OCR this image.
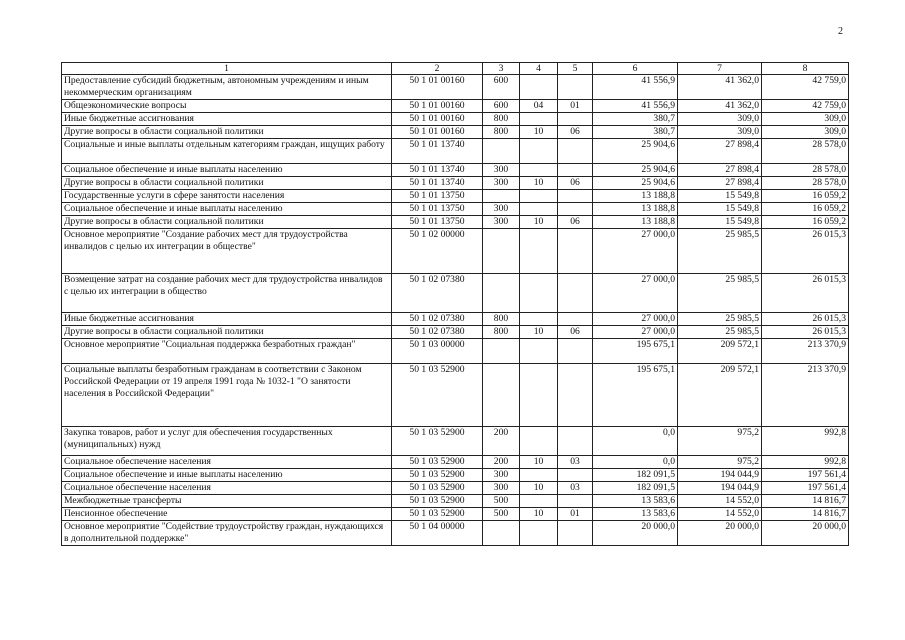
2
1	2	3	4	5	6	7	8
Предоставление субсидий бюджетным, автономным учреждениям и иным некоммерческим организациям	50 1 01 00160	600			41 556,9	41 362,0	42 759,0
Общеэкономические вопросы	50 1 01 00160	600	04	01	41 556,9	41 362,0	42 759,0
Иные бюджетные ассигнования	50 1 01 00160	800			380,7	309,0	309,0
Другие вопросы в области социальной политики	50 1 01 00160	800	10	06	380,7	309,0	309,0
Социальные и иные выплаты отдельным категориям граждан, ищущих работу	50 1 01 13740				25 904,6	27 898,4	28 578,0
Социальное обеспечение и иные выплаты населению	50 1 01 13740	300			25 904,6	27 898,4	28 578,0
Другие вопросы в области социальной политики	50 1 01 13740	300	10	06	25 904,6	27 898,4	28 578,0
Государственные услуги в сфере занятости населения	50 1 01 13750				13 188,8	15 549,8	16 059,2
Социальное обеспечение и иные выплаты населению	50 1 01 13750	300			13 188,8	15 549,8	16 059,2
Другие вопросы в области социальной политики	50 1 01 13750	300	10	06	13 188,8	15 549,8	16 059,2
Основное мероприятие "Создание рабочих мест для трудоустройства инвалидов с целью их интеграции в обществе"	50 1 02 00000				27 000,0	25 985,5	26 015,3
Возмещение затрат на создание рабочих мест для трудоустройства инвалидов с целью их интеграции в общество	50 1 02 07380				27 000,0	25 985,5	26 015,3
Иные бюджетные ассигнования	50 1 02 07380	800			27 000,0	25 985,5	26 015,3
Другие вопросы в области социальной политики	50 1 02 07380	800	10	06	27 000,0	25 985,5	26 015,3
Основное мероприятие "Социальная поддержка безработных граждан"	50 1 03 00000				195 675,1	209 572,1	213 370,9
Социальные выплаты безработным гражданам в соответствии с Законом Российской Федерации от 19 апреля 1991 года № 1032-1 "О занятости населения в Российской Федерации"	50 1 03 52900				195 675,1	209 572,1	213 370,9
Закупка товаров, работ и услуг для обеспечения государственных (муниципальных) нужд	50 1 03 52900	200			0,0	975,2	992,8
Социальное обеспечение населения	50 1 03 52900	200	10	03	0,0	975,2	992,8
Социальное обеспечение и иные выплаты населению	50 1 03 52900	300			182 091,5	194 044,9	197 561,4
Социальное обеспечение населения	50 1 03 52900	300	10	03	182 091,5	194 044,9	197 561,4
Межбюджетные трансферты	50 1 03 52900	500			13 583,6	14 552,0	14 816,7
Пенсионное обеспечение	50 1 03 52900	500	10	01	13 583,6	14 552,0	14 816,7
Основное мероприятие "Содействие трудоустройству граждан, нуждающихся в дополнительной поддержке"	50 1 04 00000				20 000,0	20 000,0	20 000,0
